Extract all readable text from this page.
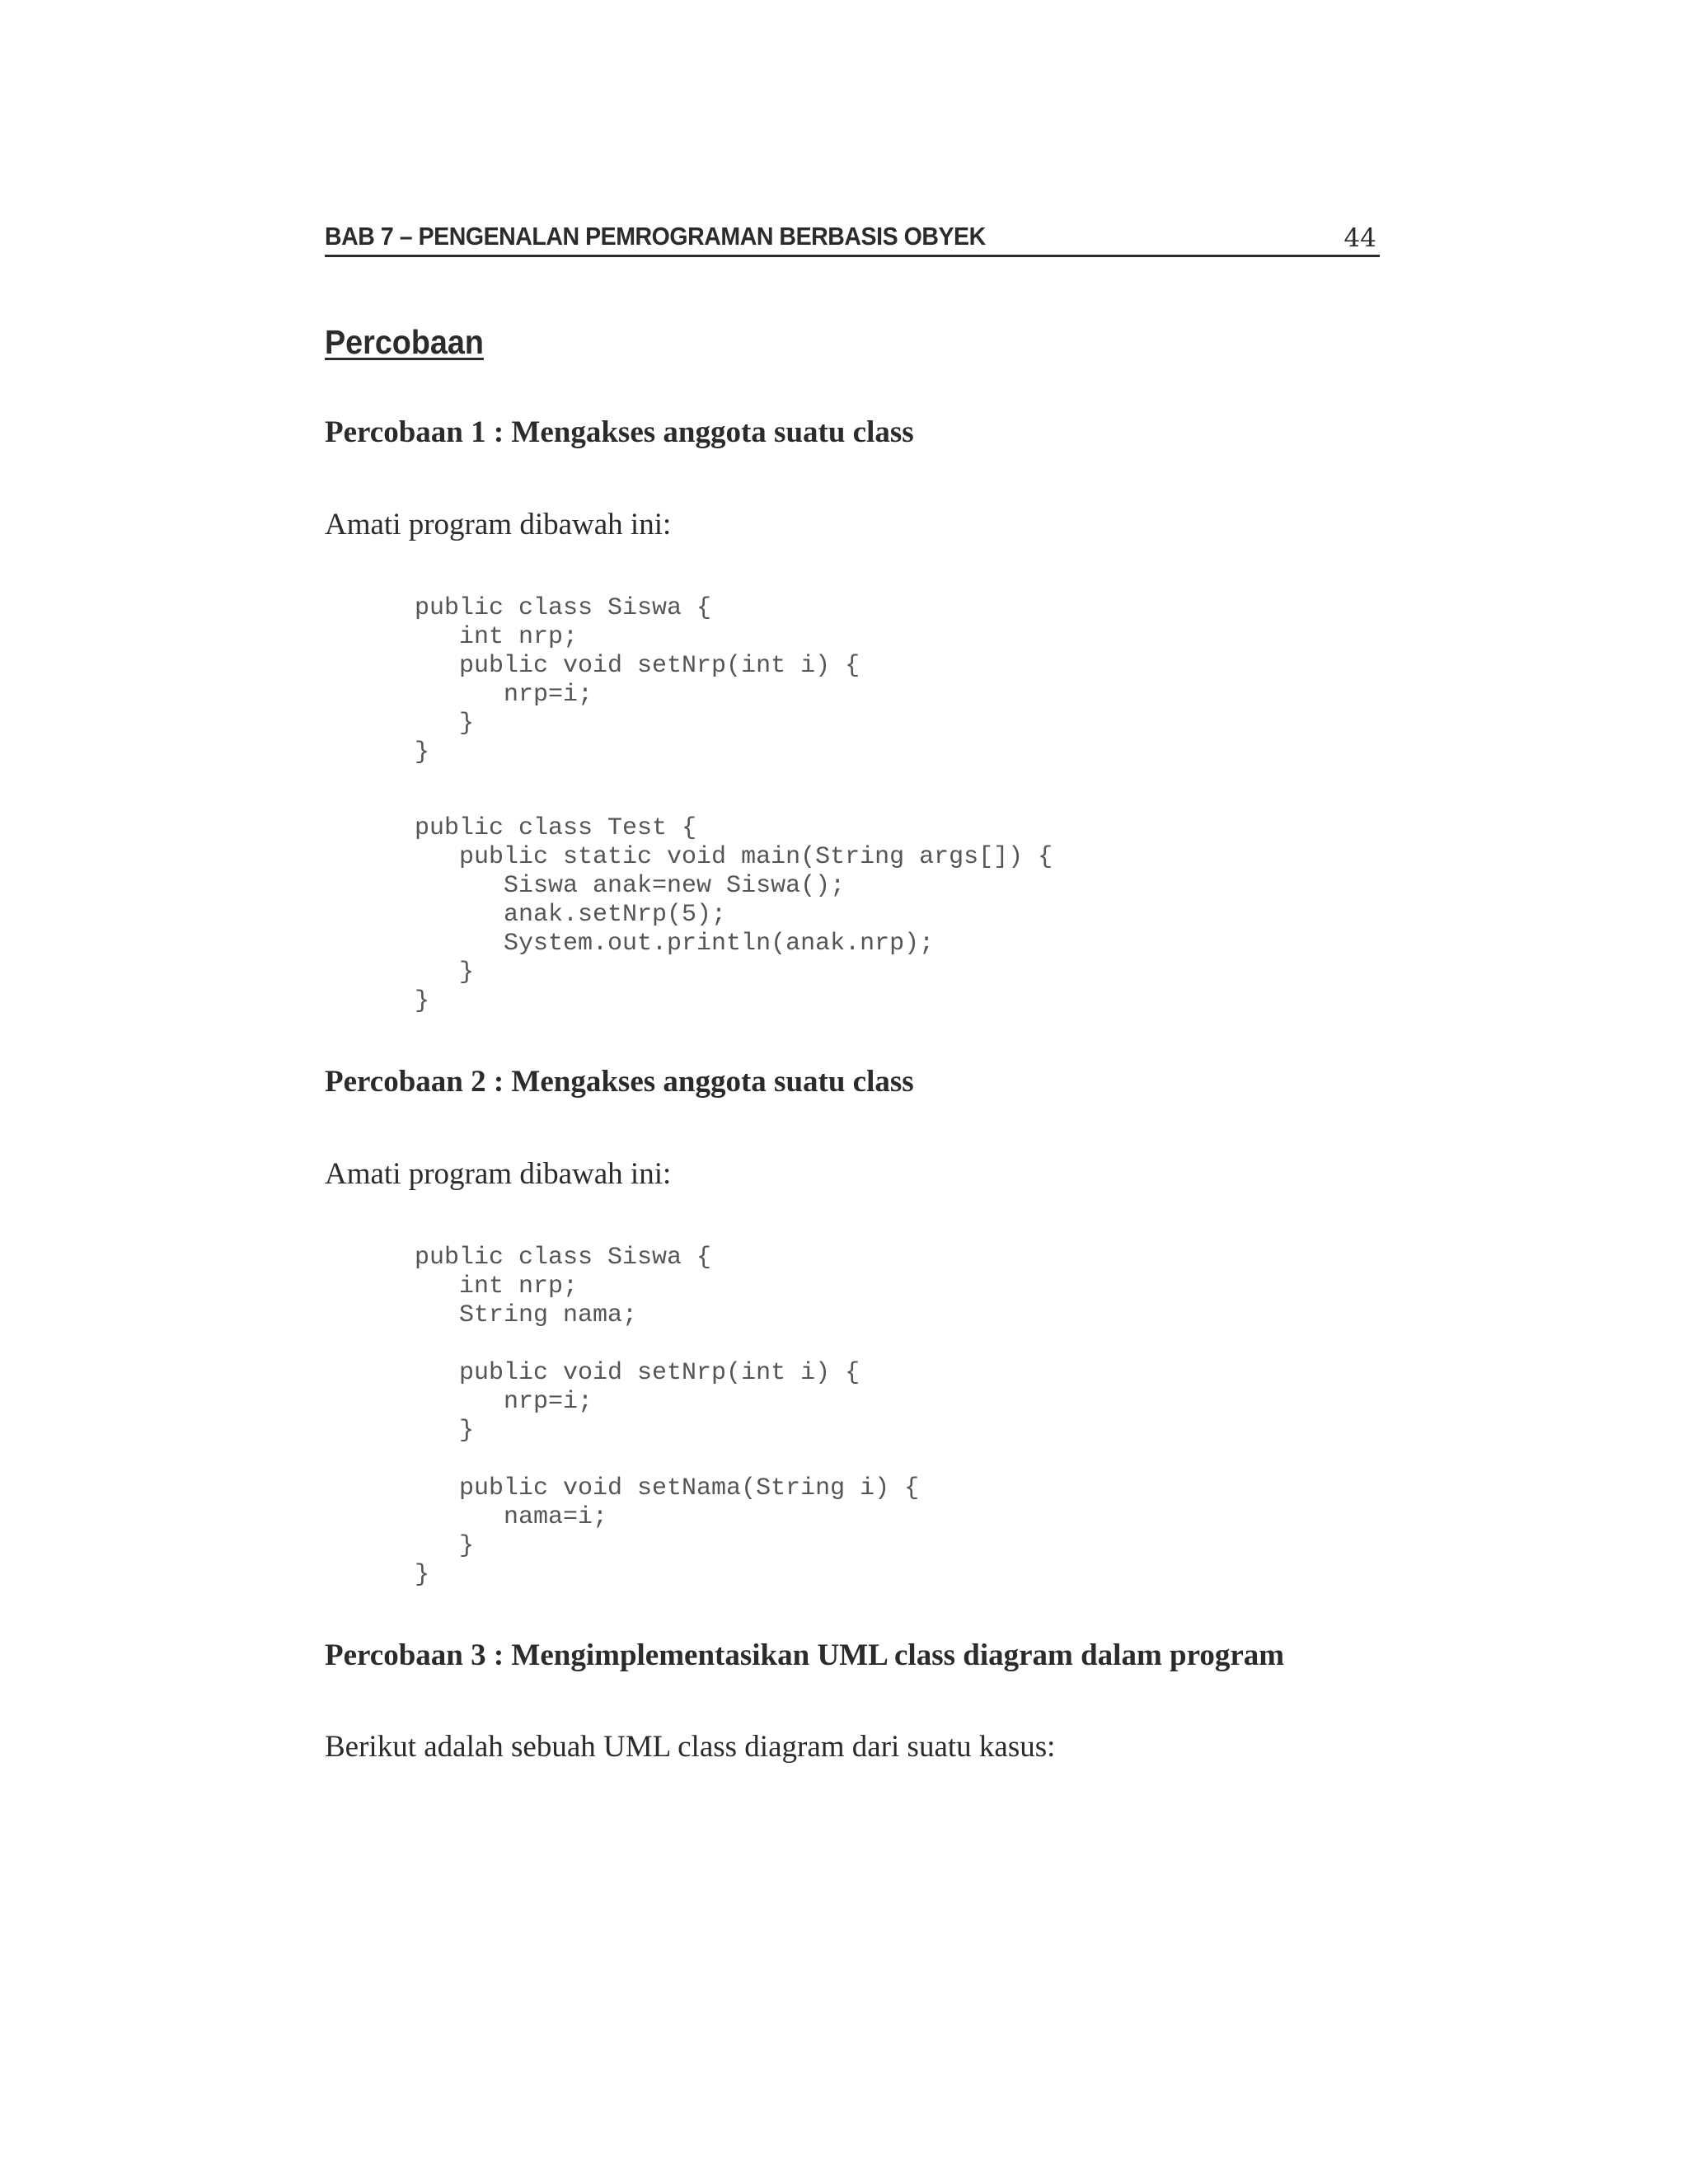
BAB 7 – PENGENALAN PEMROGRAMAN BERBASIS OBYEK	44
Percobaan
Percobaan 1 : Mengakses anggota suatu class
Amati program dibawah ini:
public class Siswa {
int nrp;
public void setNrp(int i) {
nrp=i;
}
}
public class Test {
public static void main(String args[]) {
Siswa anak=new Siswa();
anak.setNrp(5);
System.out.println(anak.nrp);
}
}
Percobaan 2 : Mengakses anggota suatu class
Amati program dibawah ini:
public class Siswa {
int nrp;
String nama;

public void setNrp(int i) {
nrp=i;
}

public void setNama(String i) {
nama=i;
}
}
Percobaan 3 : Mengimplementasikan UML class diagram dalam program
Berikut adalah sebuah UML class diagram dari suatu kasus:
